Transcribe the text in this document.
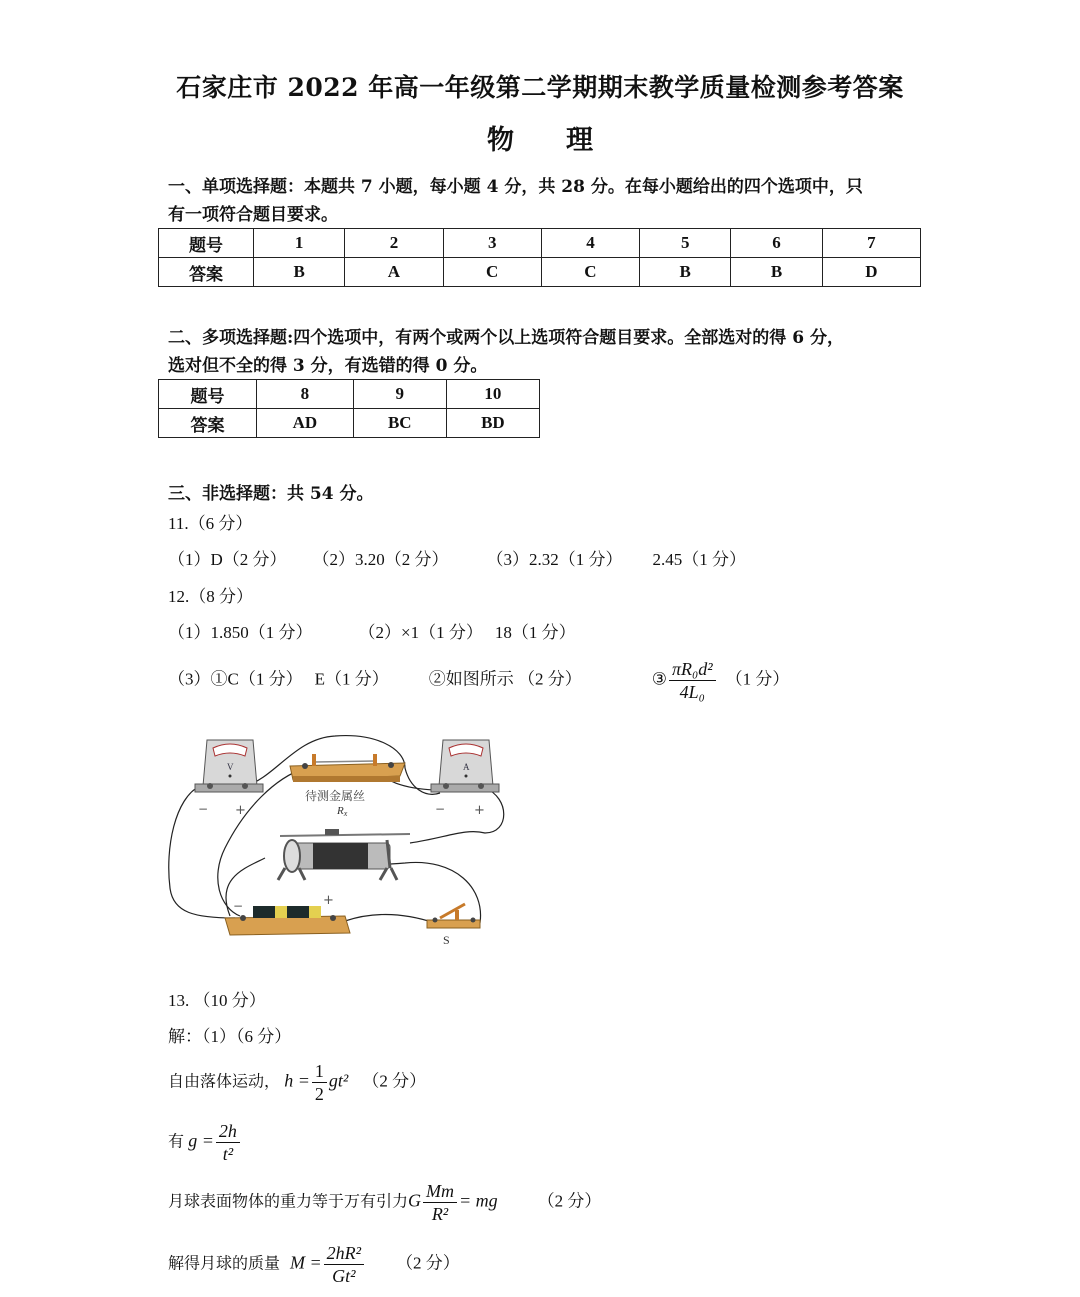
石家庄市 2022 年高一年级第二学期期末教学质量检测参考答案
物 理
一、单项选择题：本题共 7 小题，每小题 4 分，共 28 分。在每小题给出的四个选项中，只
有一项符合题目要求。
题号	1	2	3	4	5	6	7
答案	B	A	C	C	B	B	D
二、多项选择题:四个选项中，有两个或两个以上选项符合题目要求。全部选对的得 6 分，
选对但不全的得 3 分，有选错的得 0 分。
题号	8	9	10
答案	AD	BC	BD
三、非选择题：共 54 分。
11.（6 分）
（1）D（2 分） （2）3.20（2 分） （3）2.32（1 分） 2.45（1 分）
12.（8 分）
（1）1.850（1 分）	（2）×1（1 分） 18（1 分）
（3）①C（1 分） E（1 分） ②如图所示 （2 分）	③ $\frac{\text{πR₀d²}}{\text{4L₀}} (1$ 分）
V
− +
待测金属丝
Rx
A
− +
−	+
S
13. （10 分）
解：（1）（6 分）
自由落体运动， $h = \frac{1}{2} gt^2$ （2 分）
有 $g = \frac{2h}{\text{t²}}$
月球表面物体的重力等于万有引力G $\frac{Mm}{\text{R²}}$ = mg （2 分）
解得月球的质量 $M = \frac{\text{2hR²}}{\text{Gt²}} (2$ 分）
